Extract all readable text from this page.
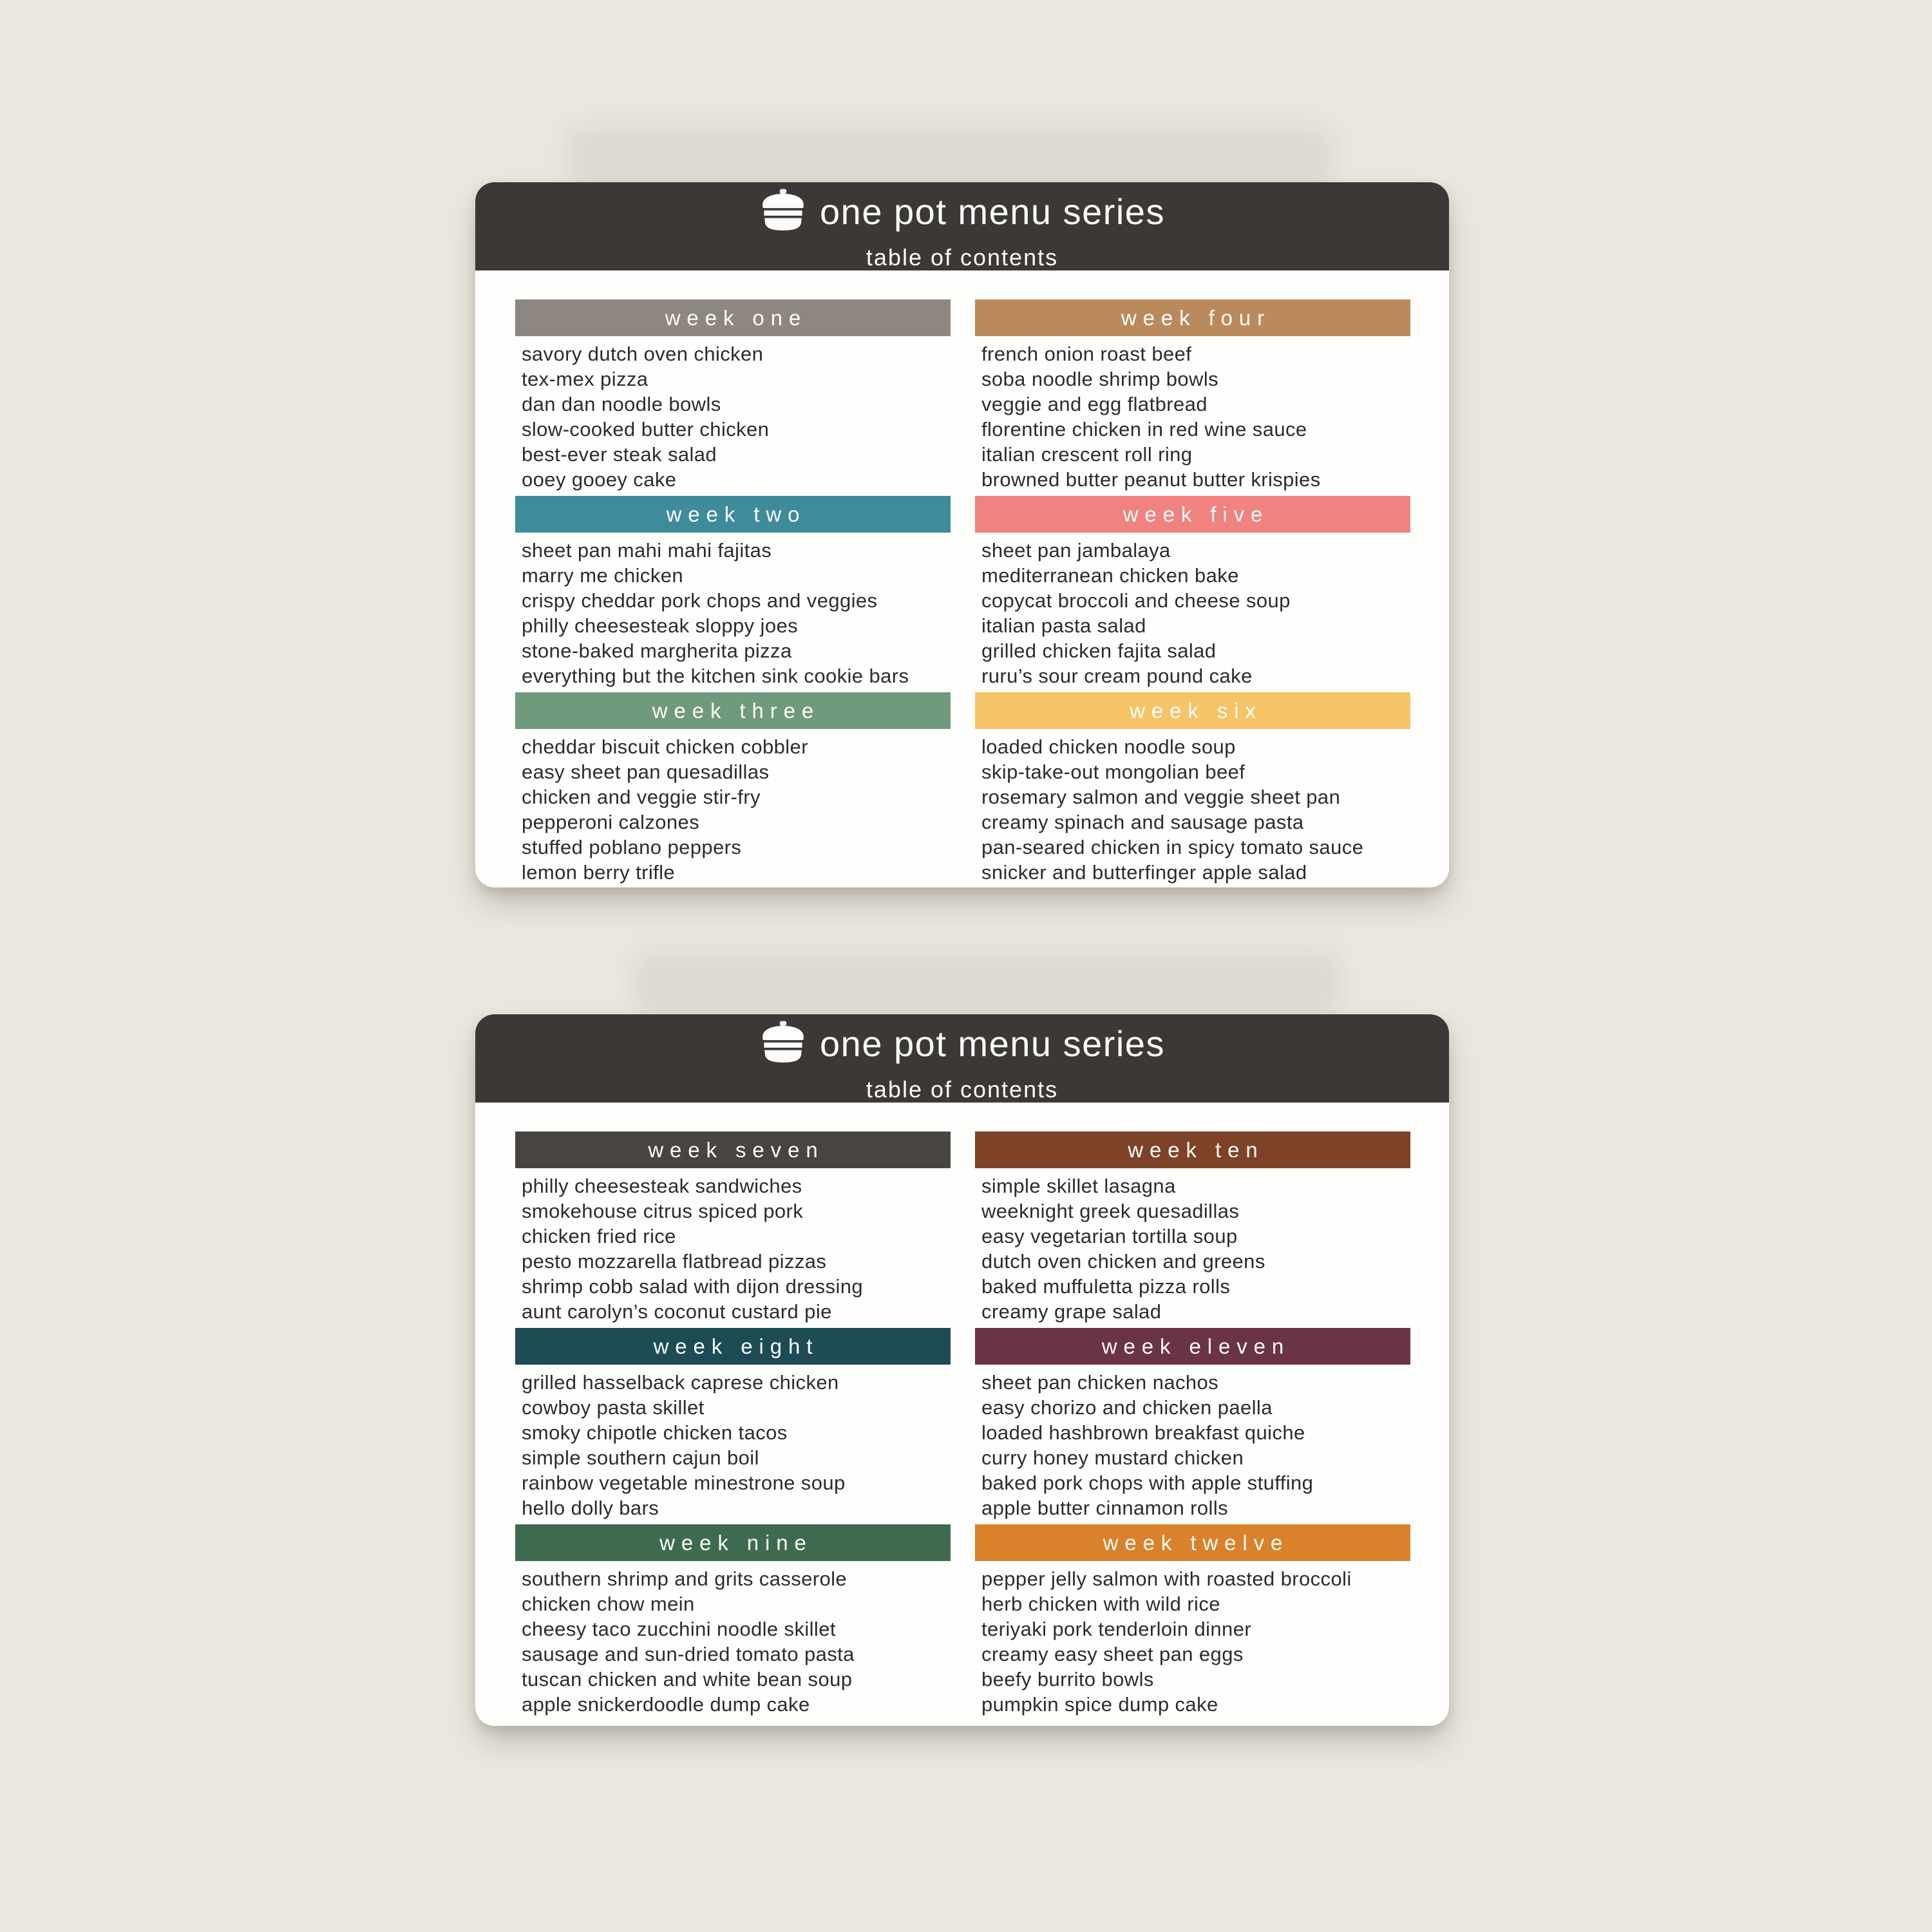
one pot menu series
table of contents
week one
savory dutch oven chicken
tex-mex pizza
dan dan noodle bowls
slow-cooked butter chicken
best-ever steak salad
ooey gooey cake
week two
sheet pan mahi mahi fajitas
marry me chicken
crispy cheddar pork chops and veggies
philly cheesesteak sloppy joes
stone-baked margherita pizza
everything but the kitchen sink cookie bars
week three
cheddar biscuit chicken cobbler
easy sheet pan quesadillas
chicken and veggie stir-fry
pepperoni calzones
stuffed poblano peppers
lemon berry trifle
week four
french onion roast beef
soba noodle shrimp bowls
veggie and egg flatbread
florentine chicken in red wine sauce
italian crescent roll ring
browned butter peanut butter krispies
week five
sheet pan jambalaya
mediterranean chicken bake
copycat broccoli and cheese soup
italian pasta salad
grilled chicken fajita salad
ruru’s sour cream pound cake
week six
loaded chicken noodle soup
skip-take-out mongolian beef
rosemary salmon and veggie sheet pan
creamy spinach and sausage pasta
pan-seared chicken in spicy tomato sauce
snicker and butterfinger apple salad
one pot menu series
table of contents
week seven
philly cheesesteak sandwiches
smokehouse citrus spiced pork
chicken fried rice
pesto mozzarella flatbread pizzas
shrimp cobb salad with dijon dressing
aunt carolyn’s coconut custard pie
week eight
grilled hasselback caprese chicken
cowboy pasta skillet
smoky chipotle chicken tacos
simple southern cajun boil
rainbow vegetable minestrone soup
hello dolly bars
week nine
southern shrimp and grits casserole
chicken chow mein
cheesy taco zucchini noodle skillet
sausage and sun-dried tomato pasta
tuscan chicken and white bean soup
apple snickerdoodle dump cake
week ten
simple skillet lasagna
weeknight greek quesadillas
easy vegetarian tortilla soup
dutch oven chicken and greens
baked muffuletta pizza rolls
creamy grape salad
week eleven
sheet pan chicken nachos
easy chorizo and chicken paella
loaded hashbrown breakfast quiche
curry honey mustard chicken
baked pork chops with apple stuffing
apple butter cinnamon rolls
week twelve
pepper jelly salmon with roasted broccoli
herb chicken with wild rice
teriyaki pork tenderloin dinner
creamy easy sheet pan eggs
beefy burrito bowls
pumpkin spice dump cake
